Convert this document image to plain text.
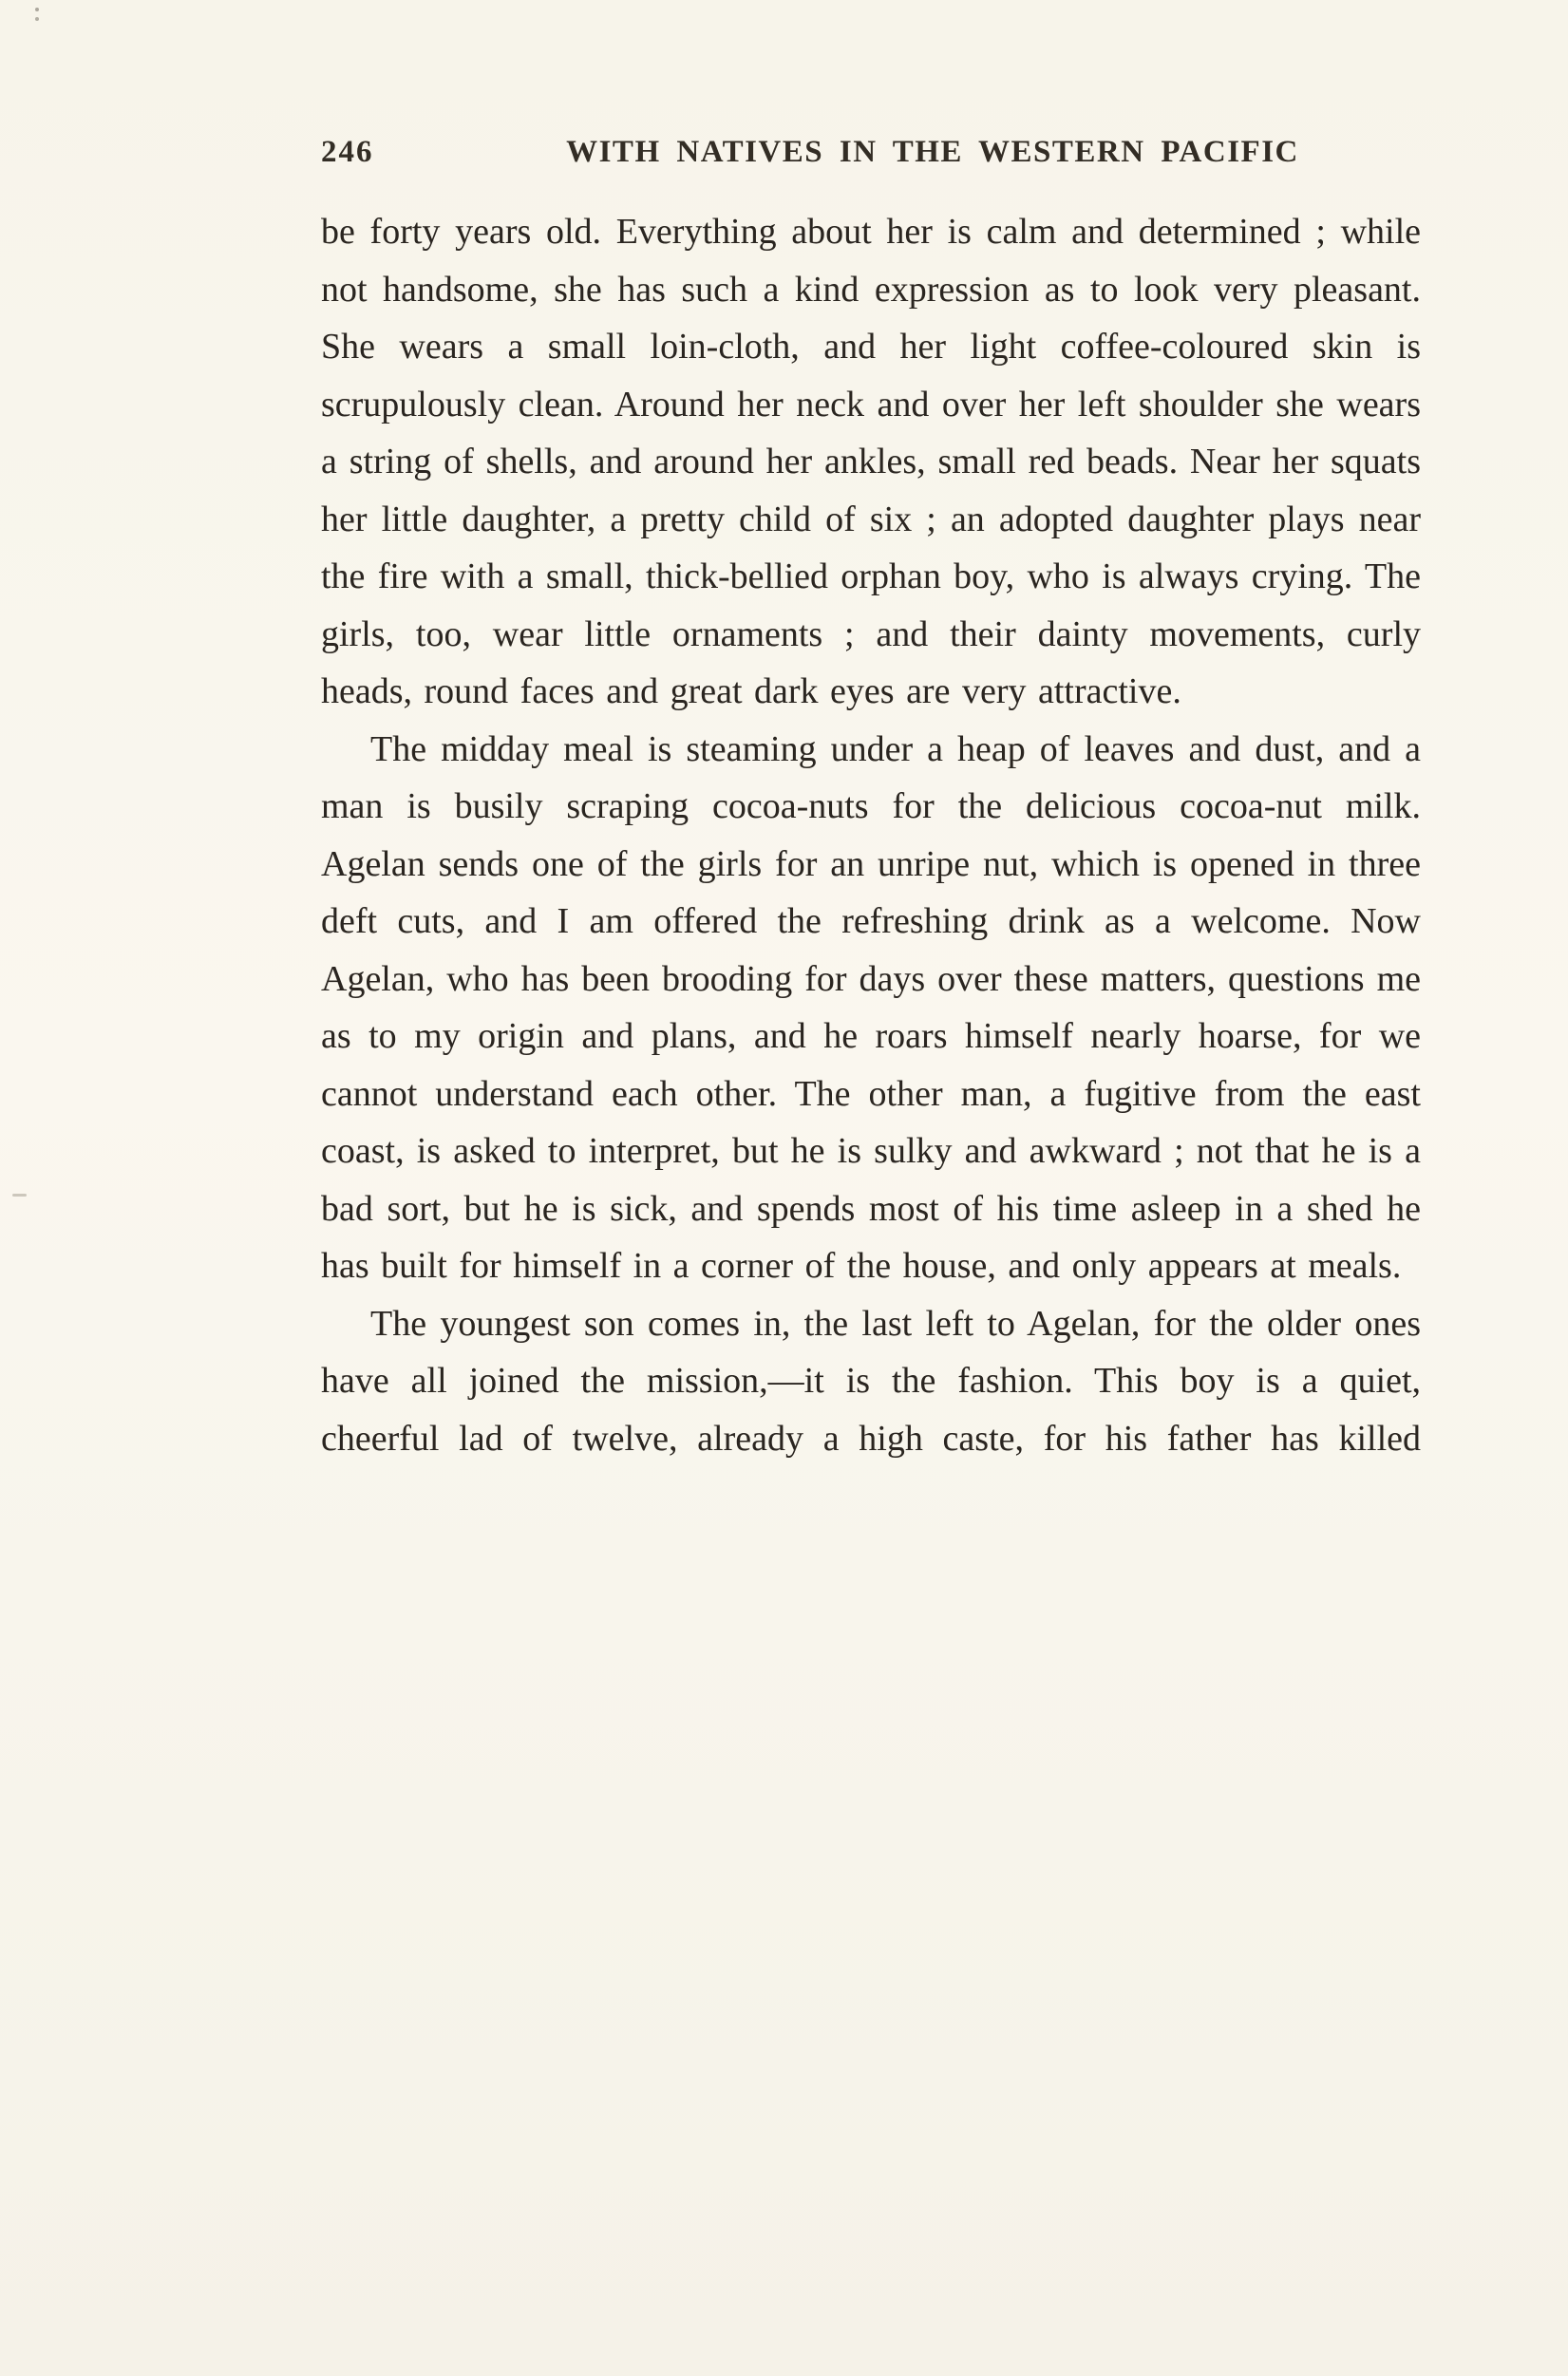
246	WITH NATIVES IN THE WESTERN PACIFIC

be forty years old. Everything about her is calm and determined ; while not handsome, she has such a kind expression as to look very pleasant. She wears a small loin-cloth, and her light coffee-coloured skin is scrupulously clean. Around her neck and over her left shoulder she wears a string of shells, and around her ankles, small red beads. Near her squats her little daughter, a pretty child of six ; an adopted daughter plays near the fire with a small, thick-bellied orphan boy, who is always crying. The girls, too, wear little ornaments ; and their dainty movements, curly heads, round faces and great dark eyes are very attractive.

The midday meal is steaming under a heap of leaves and dust, and a man is busily scraping cocoa-nuts for the delicious cocoa-nut milk. Agelan sends one of the girls for an unripe nut, which is opened in three deft cuts, and I am offered the refreshing drink as a welcome. Now Agelan, who has been brooding for days over these matters, questions me as to my origin and plans, and he roars himself nearly hoarse, for we cannot understand each other. The other man, a fugitive from the east coast, is asked to interpret, but he is sulky and awkward ; not that he is a bad sort, but he is sick, and spends most of his time asleep in a shed he has built for himself in a corner of the house, and only appears at meals.

The youngest son comes in, the last left to Agelan, for the older ones have all joined the mission,—it is the fashion. This boy is a quiet, cheerful lad of twelve, already a high caste, for his father has killed
